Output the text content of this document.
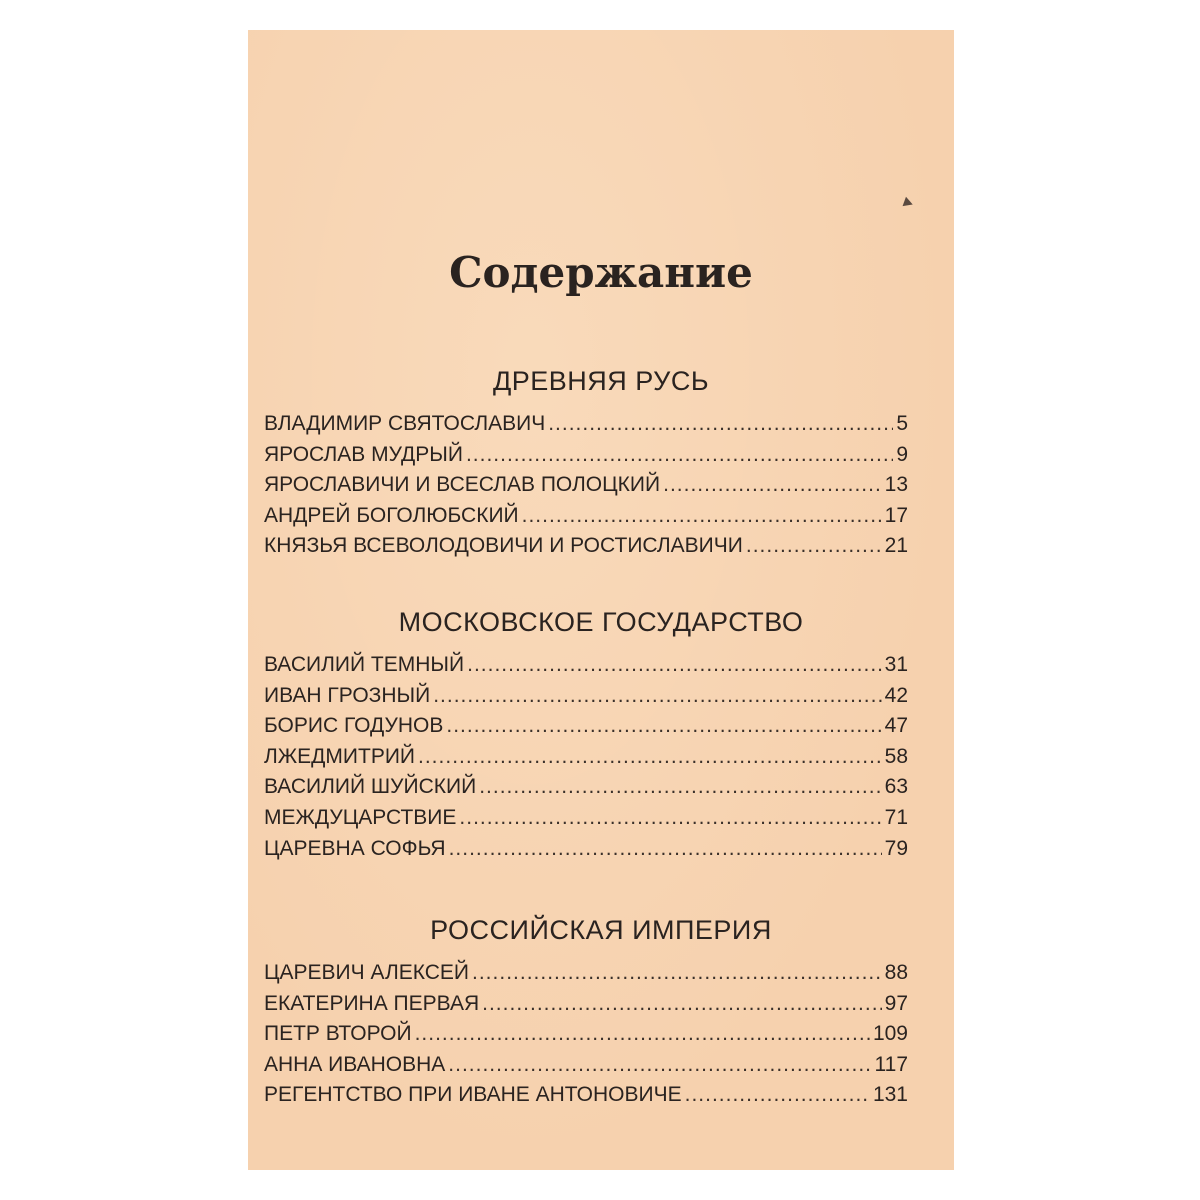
Содержание
ДРЕВНЯЯ РУСЬ
ВЛАДИМИР СВЯТОСЛАВИЧ .....	5
ЯРОСЛАВ МУДРЫЙ .....	9
ЯРОСЛАВИЧИ И ВСЕСЛАВ ПОЛОЦКИЙ .....	13
АНДРЕЙ БОГОЛЮБСКИЙ .....	17
КНЯЗЬЯ ВСЕВОЛОДОВИЧИ И РОСТИСЛАВИЧИ .....	21
МОСКОВСКОЕ ГОСУДАРСТВО
ВАСИЛИЙ ТЕМНЫЙ .....	31
ИВАН ГРОЗНЫЙ .....	42
БОРИС ГОДУНОВ .....	47
ЛЖЕДМИТРИЙ .....	58
ВАСИЛИЙ ШУЙСКИЙ .....	63
МЕЖДУЦАРСТВИЕ .....	71
ЦАРЕВНА СОФЬЯ .....	79
РОССИЙСКАЯ ИМПЕРИЯ
ЦАРЕВИЧ АЛЕКСЕЙ .....	88
ЕКАТЕРИНА ПЕРВАЯ .....	97
ПЕТР ВТОРОЙ .....	109
АННА ИВАНОВНА .....	117
РЕГЕНТСТВО ПРИ ИВАНЕ АНТОНОВИЧЕ .....	131
